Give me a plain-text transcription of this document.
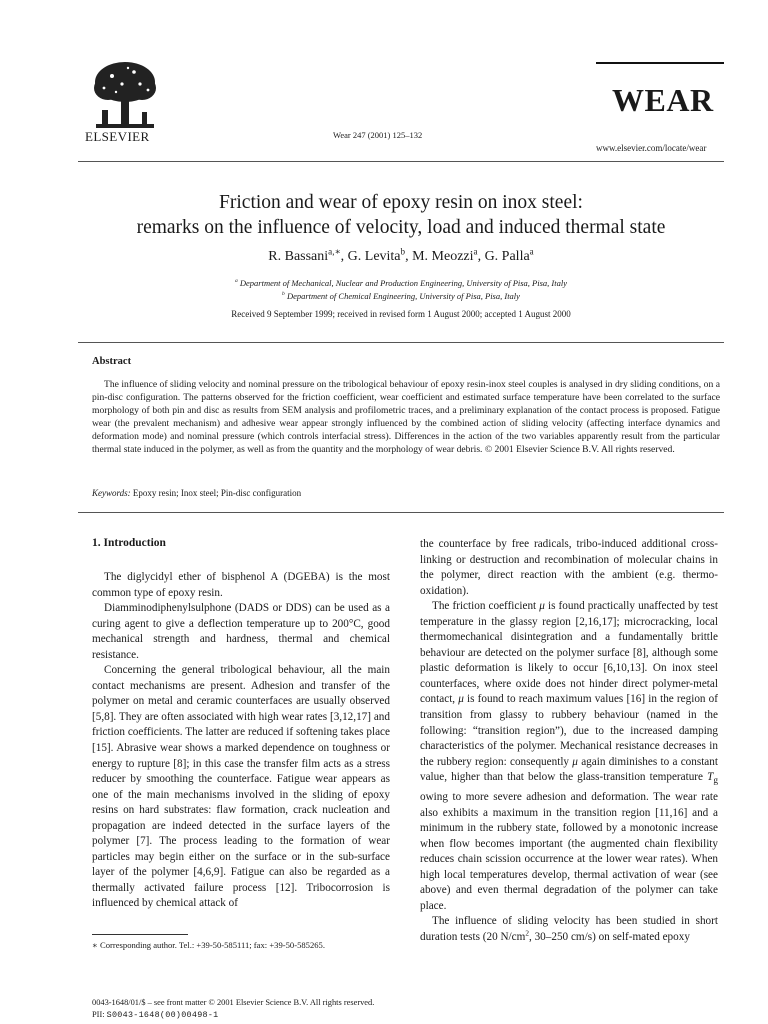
ELSEVIER	Wear 247 (2001) 125–132
WEAR
www.elsevier.com/locate/wear
Friction and wear of epoxy resin on inox steel:
remarks on the influence of velocity, load and induced thermal state
R. Bassani$^{a,∗}$, G. Levita$^b$, M. Meozzi$^a$, G. Palla$^a$
$^a$ Department of Mechanical, Nuclear and Production Engineering, University of Pisa, Pisa, Italy
$^b$ Department of Chemical Engineering, University of Pisa, Pisa, Italy
Received 9 September 1999; received in revised form 1 August 2000; accepted 1 August 2000
Abstract
The influence of sliding velocity and nominal pressure on the tribological behaviour of epoxy resin-inox steel couples is analysed in dry sliding conditions, on a pin-disc configuration. The patterns observed for the friction coefficient, wear coefficient and estimated surface temperature have been correlated to the surface morphology of both pin and disc as results from SEM analysis and profilometric traces, and a preliminary explanation of the contact process is proposed. Fatigue wear (the prevalent mechanism) and adhesive wear appear strongly influenced by the combined action of sliding velocity (affecting interface dynamics and deformation mode) and nominal pressure (which controls interfacial stress). Differences in the action of the two variables apparently result from the particular thermal state induced in the polymer, as well as from the quantity and the morphology of wear debris. © 2001 Elsevier Science B.V. All rights reserved.
Keywords: Epoxy resin; Inox steel; Pin-disc configuration
1. Introduction

The diglycidyl ether of bisphenol A (DGEBA) is the most common type of epoxy resin.

Diamminodiphenylsulphone (DADS or DDS) can be used as a curing agent to give a deflection temperature up to 200°C, good mechanical strength and hardness, thermal and chemical resistance.

Concerning the general tribological behaviour, all the main contact mechanisms are present. Adhesion and transfer of the polymer on metal and ceramic counterfaces are usually observed [5,8]. They are often associated with high wear rates [3,12,17] and friction coefficients. The latter are reduced if softening takes place [15]. Abrasive wear shows a marked dependence on toughness or energy to rupture [8]; in this case the transfer film acts as a stress reducer by smoothing the counterface. Fatigue wear appears as one of the main mechanisms involved in the sliding of epoxy resins on hard substrates: flaw formation, crack nucleation and propagation are indeed detected in the surface layers of the polymer [7]. The process leading to the formation of wear particles may begin either on the surface or in the sub-surface layer of the polymer [4,6,9]. Fatigue can also be regarded as a thermally activated failure process [12]. Tribocorrosion is influenced by chemical attack of

the counterface by free radicals, tribo-induced additional cross-linking or destruction and recombination of molecular chains in the polymer, direct reaction with the ambient (e.g. thermo-oxidation).

The friction coefficient μ is found practically unaffected by test temperature in the glassy region [2,16,17]; microcracking, local thermomechanical disintegration and a fundamentally brittle behaviour are detected on the polymer surface [8], although some plastic deformation is likely to occur [6,10,13]. On inox steel counterfaces, where oxide does not hinder direct polymer-metal contact, μ is found to reach maximum values [16] in the region of transition from glassy to rubbery behaviour (named in the following: “transition region”), due to the increased damping characteristics of the polymer. Mechanical resistance decreases in the rubbery region: consequently μ again diminishes to a constant value, higher than that below the glass-transition temperature $T_g$ owing to more severe adhesion and deformation. The wear rate also exhibits a maximum in the transition region [11,16] and a minimum in the rubbery state, followed by a monotonic increase when flow becomes important (the augmented chain flexibility reduces chain scission occurrence at the lower wear rates). When high local temperatures develop, thermal activation of wear (see above) and even thermal degradation of the polymer can take place.

The influence of sliding velocity has been studied in short duration tests (20 $N/cm^2$, 30–250 cm/s) on self-mated epoxy

∗ Corresponding author. Tel.: +39-50-585111; fax: +39-50-585265.
0043-1648/01/$ – see front matter © 2001 Elsevier Science B.V. All rights reserved.
PII: S0043-1648(00)00498-1
